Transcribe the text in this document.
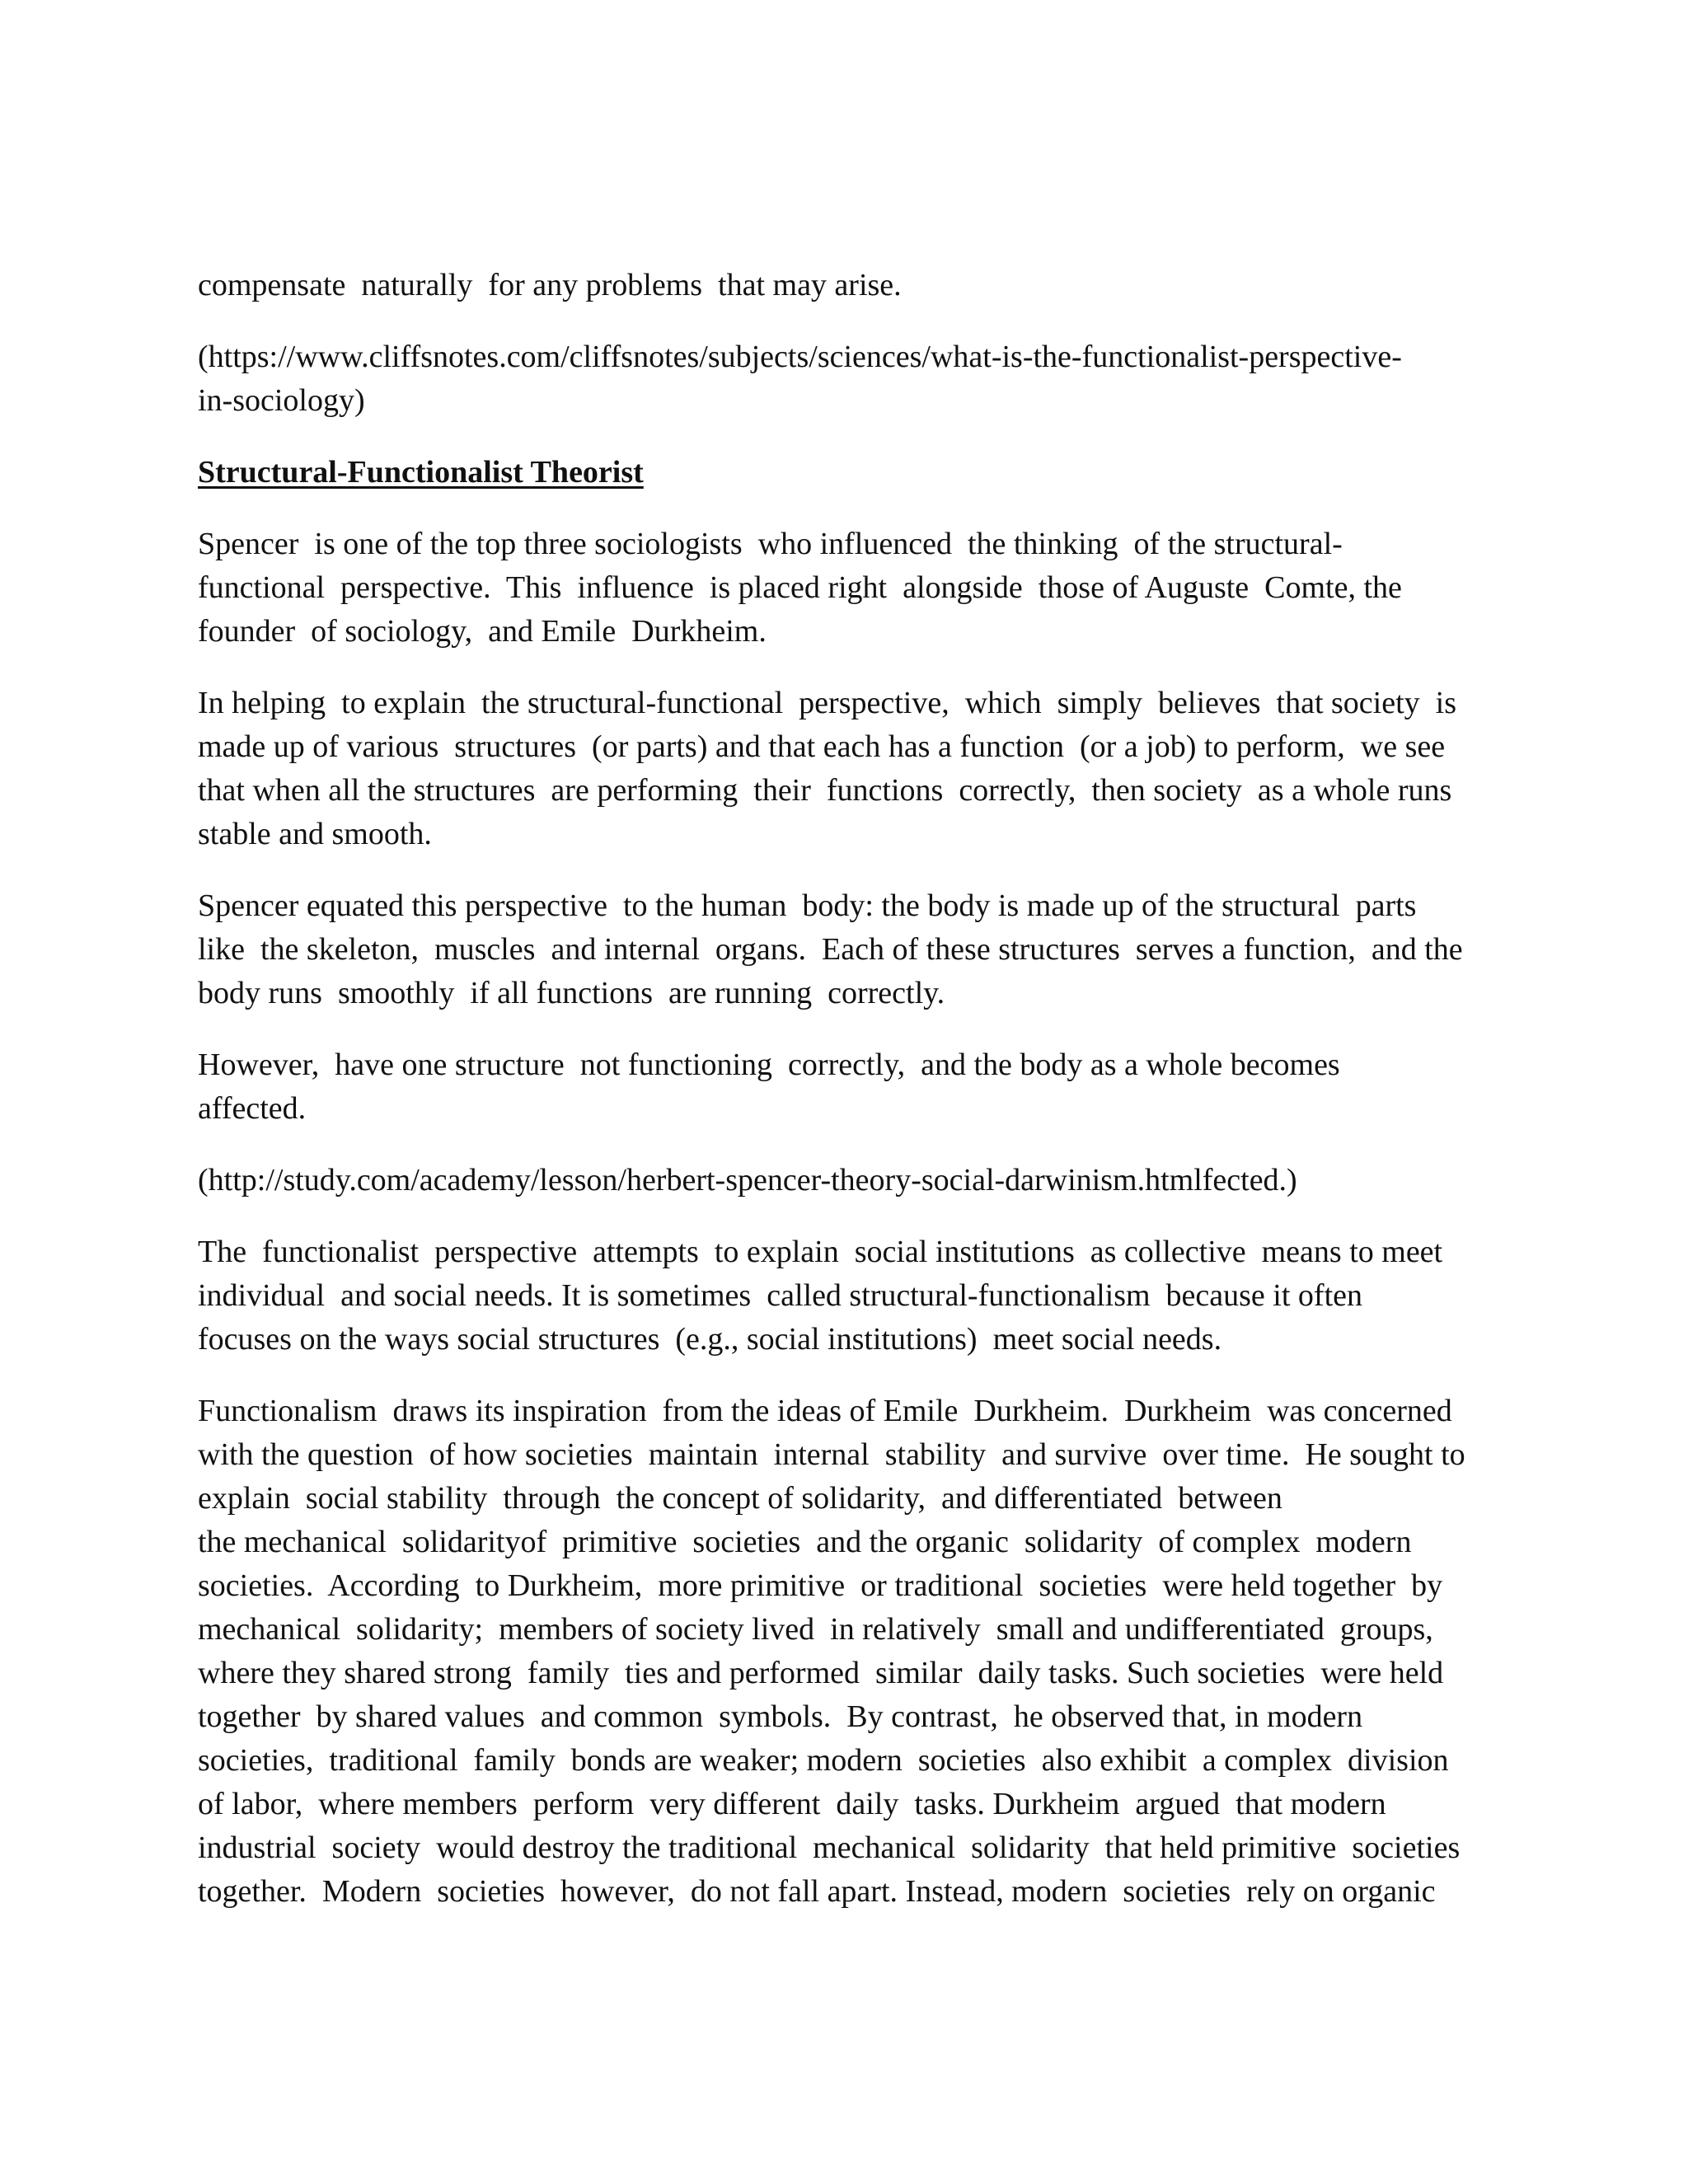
compensate  naturally  for any problems  that may arise.
(https://www.cliffsnotes.com/cliffsnotes/subjects/sciences/what-is-the-functionalist-perspective-
in-sociology)
Structural-Functionalist Theorist
Spencer  is one of the top three sociologists  who influenced  the thinking  of the structural-
functional  perspective.  This  influence  is placed right  alongside  those of Auguste  Comte, the
founder  of sociology,  and Emile  Durkheim.
In helping  to explain  the structural-functional  perspective,  which  simply  believes  that society  is
made up of various  structures  (or parts) and that each has a function  (or a job) to perform,  we see
that when all the structures  are performing  their  functions  correctly,  then society  as a whole runs
stable and smooth.
Spencer equated this perspective  to the human  body: the body is made up of the structural  parts
like  the skeleton,  muscles  and internal  organs.  Each of these structures  serves a function,  and the
body runs  smoothly  if all functions  are running  correctly.
However,  have one structure  not functioning  correctly,  and the body as a whole becomes
affected.
(http://study.com/academy/lesson/herbert-spencer-theory-social-darwinism.htmlfected.)
The  functionalist  perspective  attempts  to explain  social institutions  as collective  means to meet
individual  and social needs. It is sometimes  called structural-functionalism  because it often
focuses on the ways social structures  (e.g., social institutions)  meet social needs.
Functionalism  draws its inspiration  from the ideas of Emile  Durkheim.  Durkheim  was concerned
with the question  of how societies  maintain  internal  stability  and survive  over time.  He sought to
explain  social stability  through  the concept of solidarity,  and differentiated  between
the mechanical  solidarityof  primitive  societies  and the organic  solidarity  of complex  modern
societies.  According  to Durkheim,  more primitive  or traditional  societies  were held together  by
mechanical  solidarity;  members of society lived  in relatively  small and undifferentiated  groups,
where they shared strong  family  ties and performed  similar  daily tasks. Such societies  were held
together  by shared values  and common  symbols.  By contrast,  he observed that, in modern
societies,  traditional  family  bonds are weaker; modern  societies  also exhibit  a complex  division
of labor,  where members  perform  very different  daily  tasks. Durkheim  argued  that modern
industrial  society  would destroy the traditional  mechanical  solidarity  that held primitive  societies
together.  Modern  societies  however,  do not fall apart. Instead, modern  societies  rely on organic
